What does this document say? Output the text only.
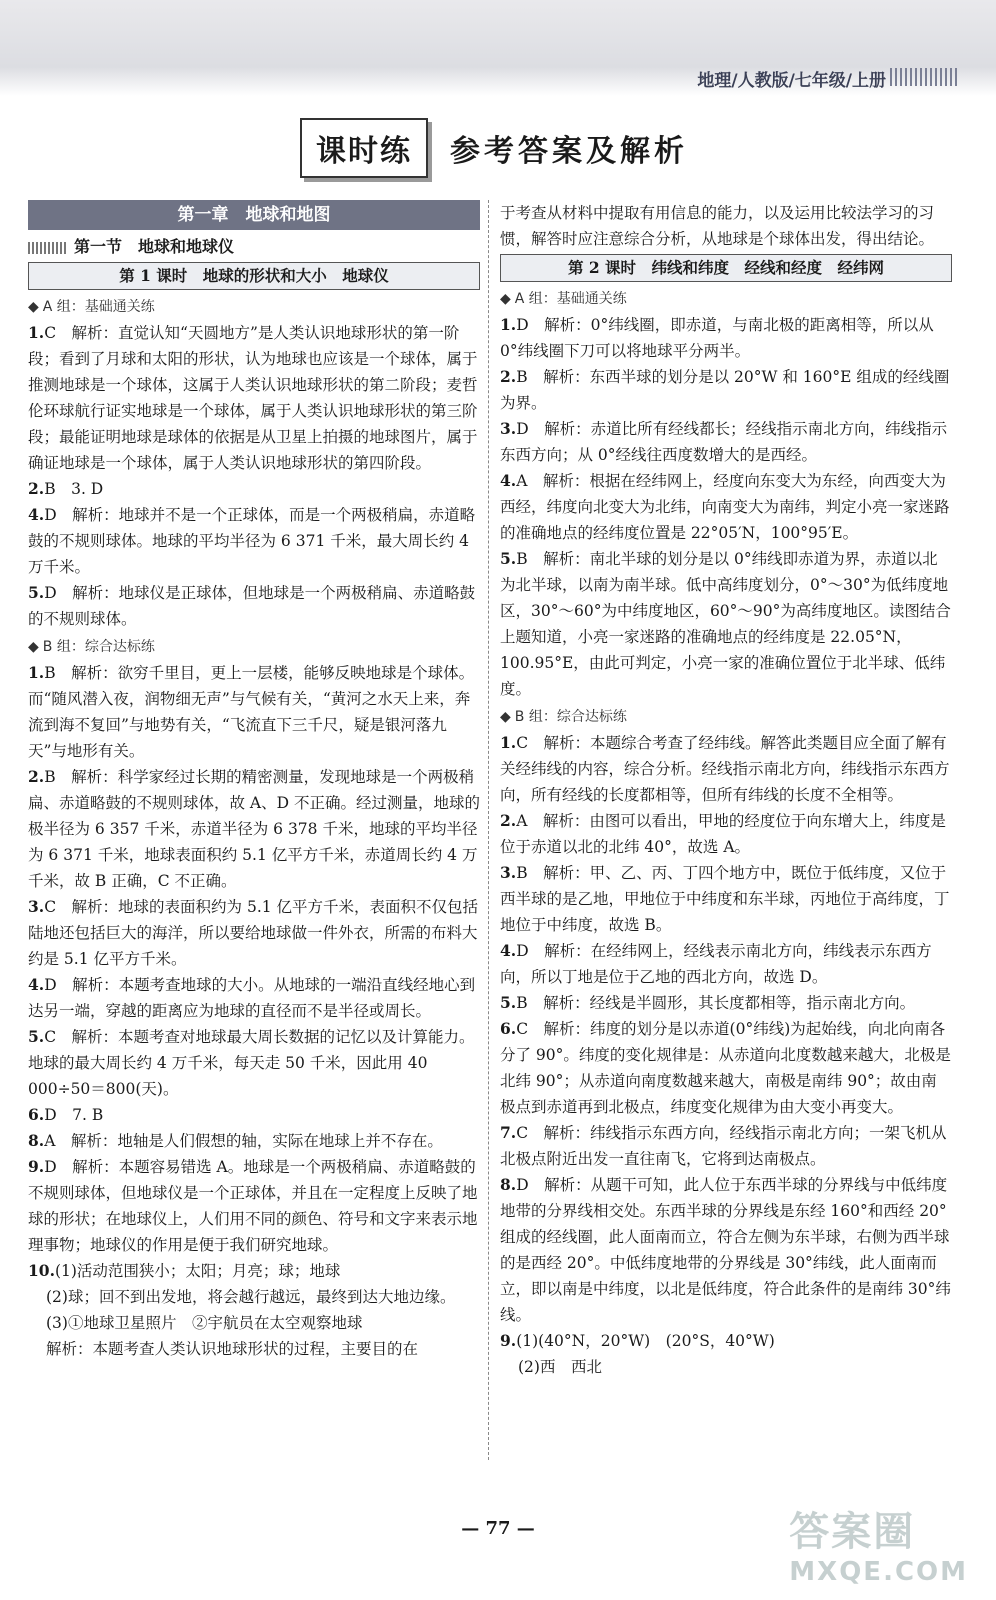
地理/人教版/七年级/上册
课时练	参考答案及解析
第一章　地球和地图
第一节　地球和地球仪
第 1 课时　地球的形状和大小　地球仪
◆ A 组：基础通关练
1.C　解析：直觉认知“天圆地方”是人类认识地球形状的第一阶段；看到了月球和太阳的形状，认为地球也应该是一个球体，属于推测地球是一个球体，这属于人类认识地球形状的第二阶段；麦哲伦环球航行证实地球是一个球体，属于人类认识地球形状的第三阶段；最能证明地球是球体的依据是从卫星上拍摄的地球图片，属于确证地球是一个球体，属于人类认识地球形状的第四阶段。
2.B　3. D
4.D　解析：地球并不是一个正球体，而是一个两极稍扁，赤道略鼓的不规则球体。地球的平均半径为 6 371 千米，最大周长约 4 万千米。
5.D　解析：地球仪是正球体，但地球是一个两极稍扁、赤道略鼓的不规则球体。
◆ B 组：综合达标练
1.B　解析：欲穷千里目，更上一层楼，能够反映地球是个球体。而“随风潜入夜，润物细无声”与气候有关，“黄河之水天上来，奔流到海不复回”与地势有关，“飞流直下三千尺，疑是银河落九天”与地形有关。
2.B　解析：科学家经过长期的精密测量，发现地球是一个两极稍扁、赤道略鼓的不规则球体，故 A、D 不正确。经过测量，地球的极半径为 6 357 千米，赤道半径为 6 378 千米，地球的平均半径为 6 371 千米，地球表面积约 5.1 亿平方千米，赤道周长约 4 万千米，故 B 正确，C 不正确。
3.C　解析：地球的表面积约为 5.1 亿平方千米，表面积不仅包括陆地还包括巨大的海洋，所以要给地球做一件外衣，所需的布料大约是 5.1 亿平方千米。
4.D　解析：本题考查地球的大小。从地球的一端沿直线经地心到达另一端，穿越的距离应为地球的直径而不是半径或周长。
5.C　解析：本题考查对地球最大周长数据的记忆以及计算能力。地球的最大周长约 4 万千米，每天走 50 千米，因此用 40 000÷50＝800(天)。
6.D　7. B
8.A　解析：地轴是人们假想的轴，实际在地球上并不存在。
9.D　解析：本题容易错选 A。地球是一个两极稍扁、赤道略鼓的不规则球体，但地球仪是一个正球体，并且在一定程度上反映了地球的形状；在地球仪上，人们用不同的颜色、符号和文字来表示地理事物；地球仪的作用是便于我们研究地球。
10.(1)活动范围狭小；太阳；月亮；球；地球
(2)球；回不到出发地，将会越行越远，最终到达大地边缘。
(3)①地球卫星照片　②宇航员在太空观察地球
解析：本题考查人类认识地球形状的过程，主要目的在
于考查从材料中提取有用信息的能力，以及运用比较法学习的习惯，解答时应注意综合分析，从地球是个球体出发，得出结论。
第 2 课时　纬线和纬度　经线和经度　经纬网
◆ A 组：基础通关练
1.D　解析：0°纬线圈，即赤道，与南北极的距离相等，所以从 0°纬线圈下刀可以将地球平分两半。
2.B　解析：东西半球的划分是以 20°W 和 160°E 组成的经线圈为界。
3.D　解析：赤道比所有经线都长；经线指示南北方向，纬线指示东西方向；从 0°经线往西度数增大的是西经。
4.A　解析：根据在经纬网上，经度向东变大为东经，向西变大为西经，纬度向北变大为北纬，向南变大为南纬，判定小亮一家迷路的准确地点的经纬度位置是 22°05′N，100°95′E。
5.B　解析：南北半球的划分是以 0°纬线即赤道为界，赤道以北为北半球，以南为南半球。低中高纬度划分，0°～30°为低纬度地区，30°～60°为中纬度地区，60°～90°为高纬度地区。读图结合上题知道，小亮一家迷路的准确地点的经纬度是 22.05°N，100.95°E，由此可判定，小亮一家的准确位置位于北半球、低纬度。
◆ B 组：综合达标练
1.C　解析：本题综合考查了经纬线。解答此类题目应全面了解有关经纬线的内容，综合分析。经线指示南北方向，纬线指示东西方向，所有经线的长度都相等，但所有纬线的长度不全相等。
2.A　解析：由图可以看出，甲地的经度位于向东增大上，纬度是位于赤道以北的北纬 40°，故选 A。
3.B　解析：甲、乙、丙、丁四个地方中，既位于低纬度，又位于西半球的是乙地，甲地位于中纬度和东半球，丙地位于高纬度，丁地位于中纬度，故选 B。
4.D　解析：在经纬网上，经线表示南北方向，纬线表示东西方向，所以丁地是位于乙地的西北方向，故选 D。
5.B　解析：经线是半圆形，其长度都相等，指示南北方向。
6.C　解析：纬度的划分是以赤道(0°纬线)为起始线，向北向南各分了 90°。纬度的变化规律是：从赤道向北度数越来越大，北极是北纬 90°；从赤道向南度数越来越大，南极是南纬 90°；故由南极点到赤道再到北极点，纬度变化规律为由大变小再变大。
7.C　解析：纬线指示东西方向，经线指示南北方向；一架飞机从北极点附近出发一直往南飞，它将到达南极点。
8.D　解析：从题干可知，此人位于东西半球的分界线与中低纬度地带的分界线相交处。东西半球的分界线是东经 160°和西经 20°组成的经线圈，此人面南而立，符合左侧为东半球，右侧为西半球的是西经 20°。中低纬度地带的分界线是 30°纬线，此人面南而立，即以南是中纬度，以北是低纬度，符合此条件的是南纬 30°纬线。
9.(1)(40°N，20°W)　(20°S，40°W)
(2)西　西北
— 77 —	答案圈
MXQE.COM
